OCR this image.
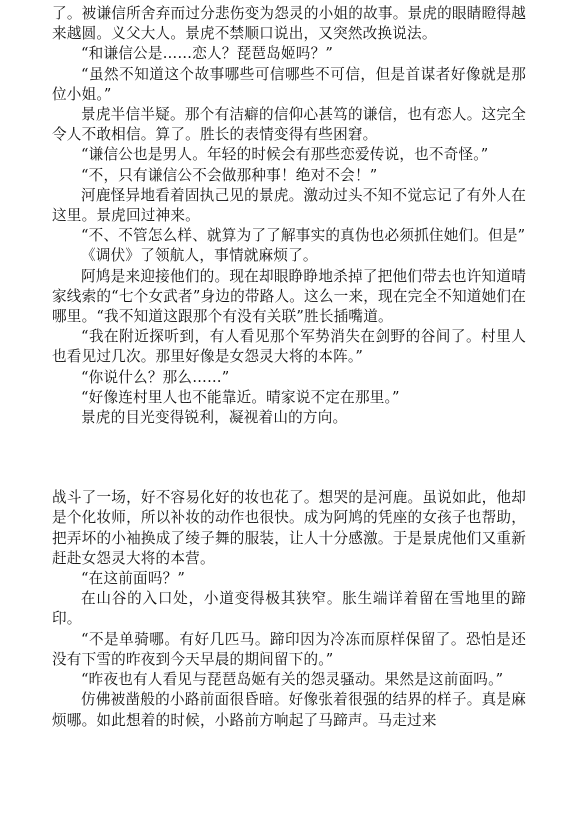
了。被谦信所舍弃而过分悲伤变为怨灵的小姐的故事。景虎的眼睛瞪得越来越圆。义父大人。景虎不禁顺口说出，又突然改换说法。

“和谦信公是……恋人？琵琶岛姬吗？”

“虽然不知道这个故事哪些可信哪些不可信，但是首谋者好像就是那位小姐。”

景虎半信半疑。那个有洁癖的信仰心甚笃的谦信，也有恋人。这完全令人不敢相信。算了。胜长的表情变得有些困窘。

“谦信公也是男人。年轻的时候会有那些恋爱传说，也不奇怪。”

“不，只有谦信公不会做那种事！绝对不会！”

河鹿怪异地看着固执己见的景虎。激动过头不知不觉忘记了有外人在这里。景虎回过神来。

“不、不管怎么样、就算为了了解事实的真伪也必须抓住她们。但是”

《调伏》了领航人，事情就麻烦了。

阿鸠是来迎接他们的。现在却眼睁睁地杀掉了把他们带去也许知道晴家线索的“七个女武者”身边的带路人。这么一来，现在完全不知道她们在哪里。“我不知道这跟那个有没有关联”胜长插嘴道。

“我在附近探听到，有人看见那个军势消失在剑野的谷间了。村里人也看见过几次。那里好像是女怨灵大将的本阵。”

“你说什么？那么……”

“好像连村里人也不能靠近。晴家说不定在那里。”

景虎的目光变得锐利，凝视着山的方向。

战斗了一场，好不容易化好的妆也花了。想哭的是河鹿。虽说如此，他却是个化妆师，所以补妆的动作也很快。成为阿鸠的凭座的女孩子也帮助，把弄坏的小袖换成了绫子舞的服装，让人十分感激。于是景虎他们又重新赶赴女怨灵大将的本营。

“在这前面吗？”

在山谷的入口处，小道变得极其狭窄。胀生端详着留在雪地里的蹄印。

“不是单骑哪。有好几匹马。蹄印因为冷冻而原样保留了。恐怕是还没有下雪的昨夜到今天早晨的期间留下的。”

“昨夜也有人看见与琵琶岛姬有关的怨灵骚动。果然是这前面吗。”

仿佛被凿般的小路前面很昏暗。好像张着很强的结界的样子。真是麻烦哪。如此想着的时候，小路前方响起了马蹄声。马走过来
